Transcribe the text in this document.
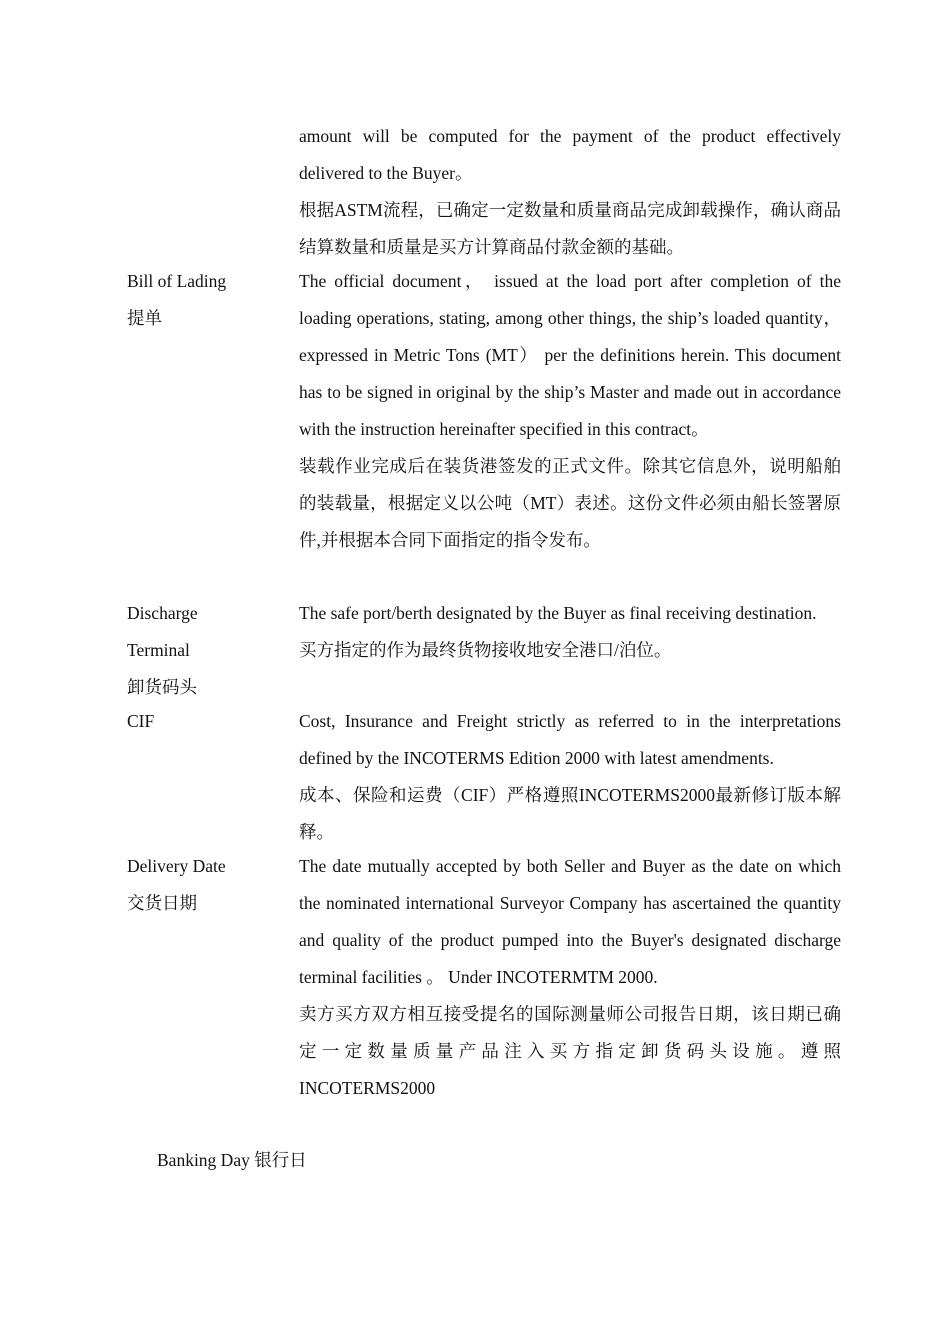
amount will be computed for the payment of the product effectively delivered to the Buyer。

根据ASTM流程，已确定一定数量和质量商品完成卸载操作，确认商品结算数量和质量是买方计算商品付款金额的基础。

Bill of Lading
提单

The official document， issued at the load port after completion of the loading operations, stating, among other things, the ship’s loaded quantity， expressed in Metric Tons (MT） per the definitions herein. This document has to be signed in original by the ship’s Master and made out in accordance with the instruction hereinafter specified in this contract。

装载作业完成后在装货港签发的正式文件。除其它信息外，说明船舶的装载量，根据定义以公吨（MT）表述。这份文件必须由船长签署原件,并根据本合同下面指定的指令发布。

Discharge
Terminal
卸货码头

The safe port/berth designated by the Buyer as final receiving destination.

买方指定的作为最终货物接收地安全港口/泊位。

CIF	Cost, Insurance and Freight strictly as referred to in the interpretations defined by the INCOTERMS Edition 2000 with latest amendments.

成本、保险和运费（CIF）严格遵照INCOTERMS2000最新修订版本解释。

Delivery Date
交货日期

The date mutually accepted by both Seller and Buyer as the date on which the nominated international Surveyor Company has ascertained the quantity and quality of the product pumped into the Buyer's designated discharge terminal facilities 。 Under INCOTERMTM 2000.

卖方买方双方相互接受提名的国际测量师公司报告日期，该日期已确定一定数量质量产品注入买方指定卸货码头设施。遵照INCOTERMS2000

Banking Day 银行日
